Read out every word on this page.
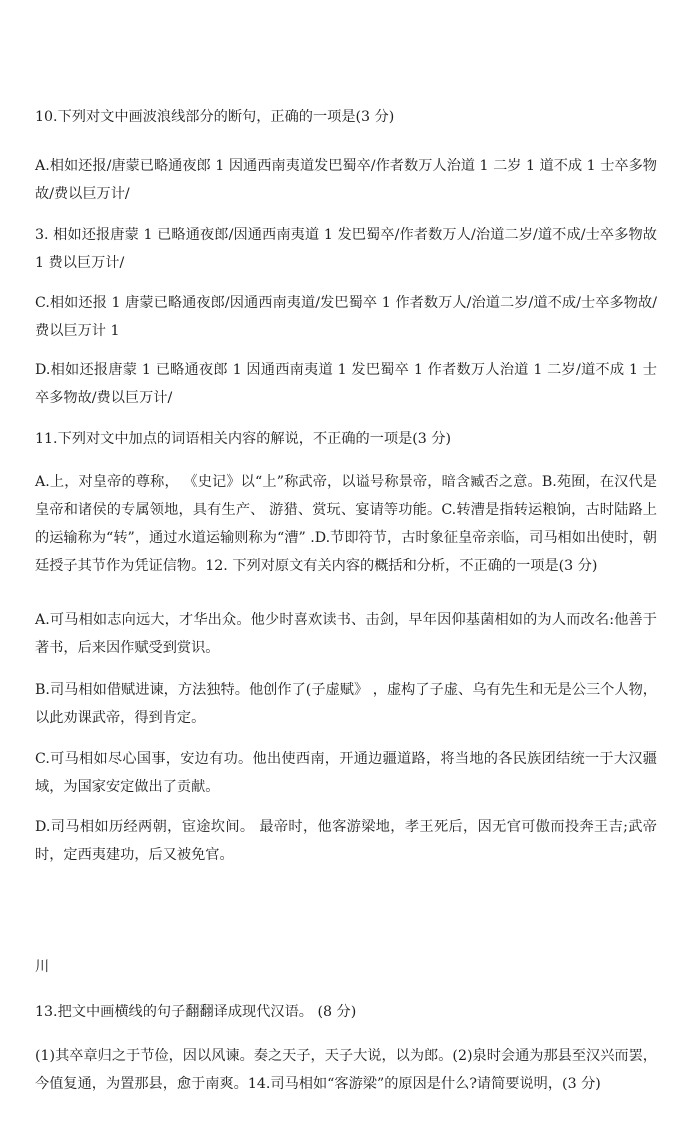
10.下列对文中画波浪线部分的断句，正确的一项是(3 分)

A.相如还报/唐蒙已略通夜郎 1 因通西南夷道发巴蜀卒/作者数万人治道 1 二岁 1 道不成 1 士卒多物故/费以巨万计/

3. 相如还报唐蒙 1 已略通夜郎/因通西南夷道 1 发巴蜀卒/作者数万人/治道二岁/道不成/士卒多物故 1 费以巨万计/

C.相如还报 1 唐蒙已略通夜郎/因通西南夷道/发巴蜀卒 1 作者数万人/治道二岁/道不成/士卒多物故/费以巨万计 1

D.相如还报唐蒙 1 已略通夜郎 1 因通西南夷道 1 发巴蜀卒 1 作者数万人治道 1 二岁/道不成 1 士卒多物故/费以巨万计/

11.下列对文中加点的词语相关内容的解说，不正确的一项是(3 分)

A.上，对皇帝的尊称， 《史记》以“上”称武帝，以谥号称景帝，暗含臧否之意。B.苑囿，在汉代是皇帝和诸侯的专属领地，具有生产、 游猎、赏玩、宴请等功能。C.转漕是指转运粮饷，古时陆路上的运输称为“转”，通过水道运输则称为“漕” .D.节即符节，古时象征皇帝亲临，司马相如出使时，朝廷授子其节作为凭证信物。12. 下列对原文有关内容的概括和分析，不正确的一项是(3 分)

A.可马相如志向远大，才华出众。他少时喜欢读书、击剑，早年因仰基菌相如的为人而改名:他善于著书，后来因作赋受到赏识。

B.司马相如借赋进谏，方法独特。他创作了(子虚赋》 ，虚构了子虚、乌有先生和无是公三个人物，以此劝课武帝，得到肯定。

C.可马相如尽心国事，安边有功。他出使西南，开通边疆道路，将当地的各民族团结统一于大汉疆域，为国家安定做出了贡献。

D.司马相如历经两朝，宦途坎间。 最帝时，他客游梁地，孝王死后，因无官可傲而投奔王吉;武帝时，定西夷建功，后又被免官。

川

13.把文中画横线的句子翻翻译成现代汉语。 (8 分)

(1)其卒章归之于节俭，因以风谏。奏之天子，天子大说，以为郎。(2)泉时会通为那县至汉兴而罢，今值复通，为置那县，愈于南爽。14.司马相如“客游梁”的原因是什么?请简要说明，(3 分)
